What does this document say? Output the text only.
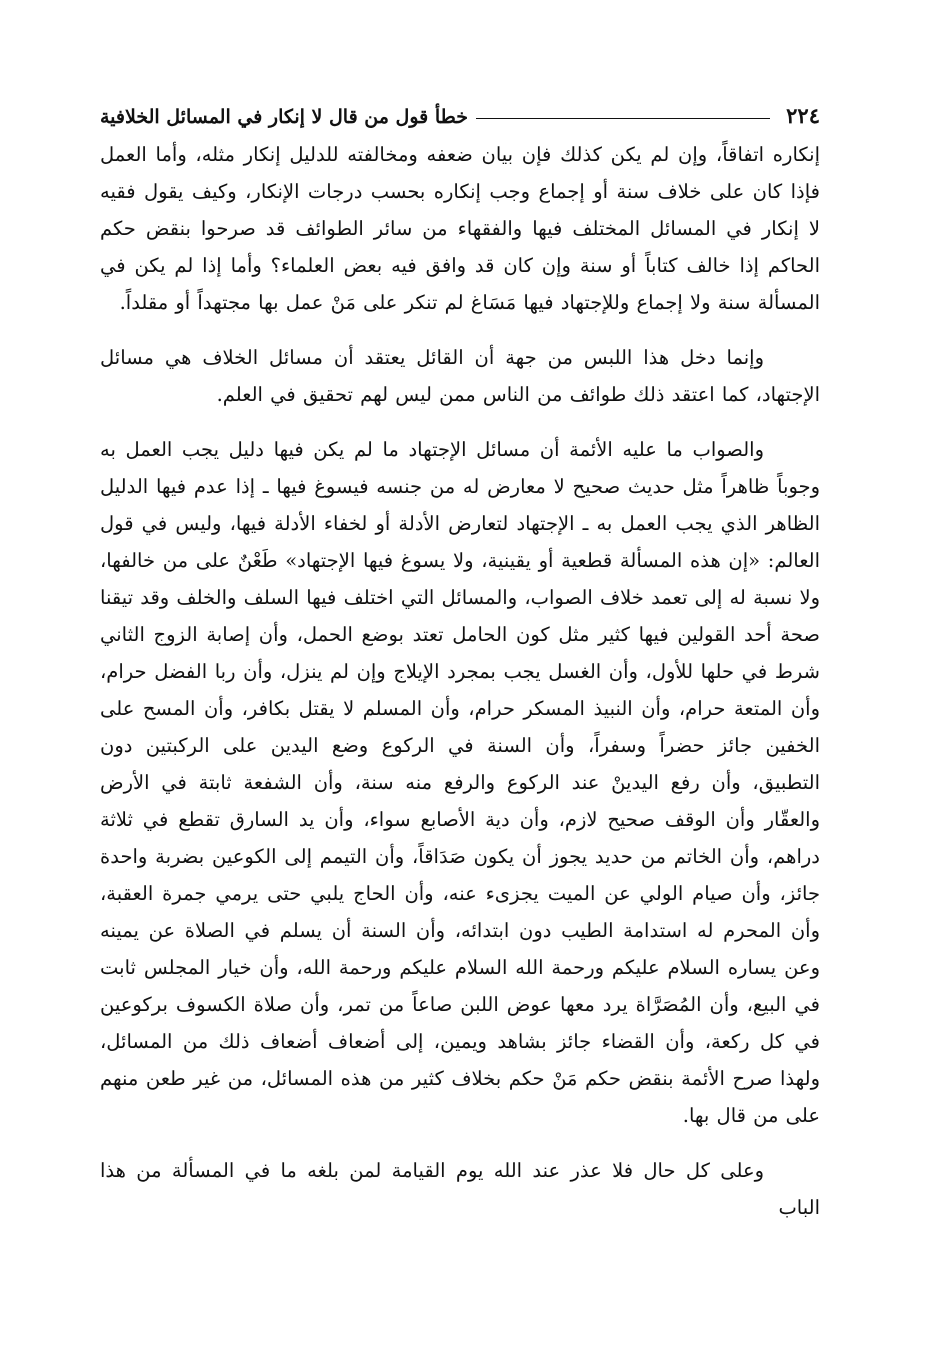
٢٢٤
خطأ قول من قال لا إنكار في المسائل الخلافية

إنكاره اتفاقاً، وإن لم يكن كذلك فإن بيان ضعفه ومخالفته للدليل إنكار مثله، وأما العمل فإذا كان على خلاف سنة أو إجماع وجب إنكاره بحسب درجات الإنكار، وكيف يقول فقيه لا إنكار في المسائل المختلف فيها والفقهاء من سائر الطوائف قد صرحوا بنقض حكم الحاكم إذا خالف كتاباً أو سنة وإن كان قد وافق فيه بعض العلماء؟ وأما إذا لم يكن في المسألة سنة ولا إجماع وللإجتهاد فيها مَسَاغ لم تنكر على مَنْ عمل بها مجتهداً أو مقلداً.

وإنما دخل هذا اللبس من جهة أن القائل يعتقد أن مسائل الخلاف هي مسائل الإجتهاد، كما اعتقد ذلك طوائف من الناس ممن ليس لهم تحقيق في العلم.

والصواب ما عليه الأئمة أن مسائل الإجتهاد ما لم يكن فيها دليل يجب العمل به وجوباً ظاهراً مثل حديث صحيح لا معارض له من جنسه فيسوغ فيها ـ إذا عدم فيها الدليل الظاهر الذي يجب العمل به ـ الإجتهاد لتعارض الأدلة أو لخفاء الأدلة فيها، وليس في قول العالم: «إن هذه المسألة قطعية أو يقينية، ولا يسوغ فيها الإجتهاد» طَعْنٌ على من خالفها، ولا نسبة له إلى تعمد خلاف الصواب، والمسائل التي اختلف فيها السلف والخلف وقد تيقنا صحة أحد القولين فيها كثير مثل كون الحامل تعتد بوضع الحمل، وأن إصابة الزوج الثاني شرط في حلها للأول، وأن الغسل يجب بمجرد الإيلاج وإن لم ينزل، وأن ربا الفضل حرام، وأن المتعة حرام، وأن النبيذ المسكر حرام، وأن المسلم لا يقتل بكافر، وأن المسح على الخفين جائز حضراً وسفراً، وأن السنة في الركوع وضع اليدين على الركبتين دون التطبيق، وأن رفع اليدينْ عند الركوع والرفع منه سنة، وأن الشفعة ثابتة في الأرض والعقّار وأن الوقف صحيح لازم، وأن دية الأصابع سواء، وأن يد السارق تقطع في ثلاثة دراهم، وأن الخاتم من حديد يجوز أن يكون صَدَاقاً، وأن التيمم إلى الكوعين بضربة واحدة جائز، وأن صيام الولي عن الميت يجزىء عنه، وأن الحاج يلبي حتى يرمي جمرة العقبة، وأن المحرم له استدامة الطيب دون ابتدائه، وأن السنة أن يسلم في الصلاة عن يمينه وعن يساره السلام عليكم ورحمة الله السلام عليكم ورحمة الله، وأن خيار المجلس ثابت في البيع، وأن المُصَرَّاة يرد معها عوض اللبن صاعاً من تمر، وأن صلاة الكسوف بركوعين في كل ركعة، وأن القضاء جائز بشاهد ويمين، إلى أضعاف أضعاف ذلك من المسائل، ولهذا صرح الأئمة بنقض حكم مَنْ حكم بخلاف كثير من هذه المسائل، من غير طعن منهم على من قال بها.

وعلى كل حال فلا عذر عند الله يوم القيامة لمن بلغه ما في المسألة من هذا الباب
